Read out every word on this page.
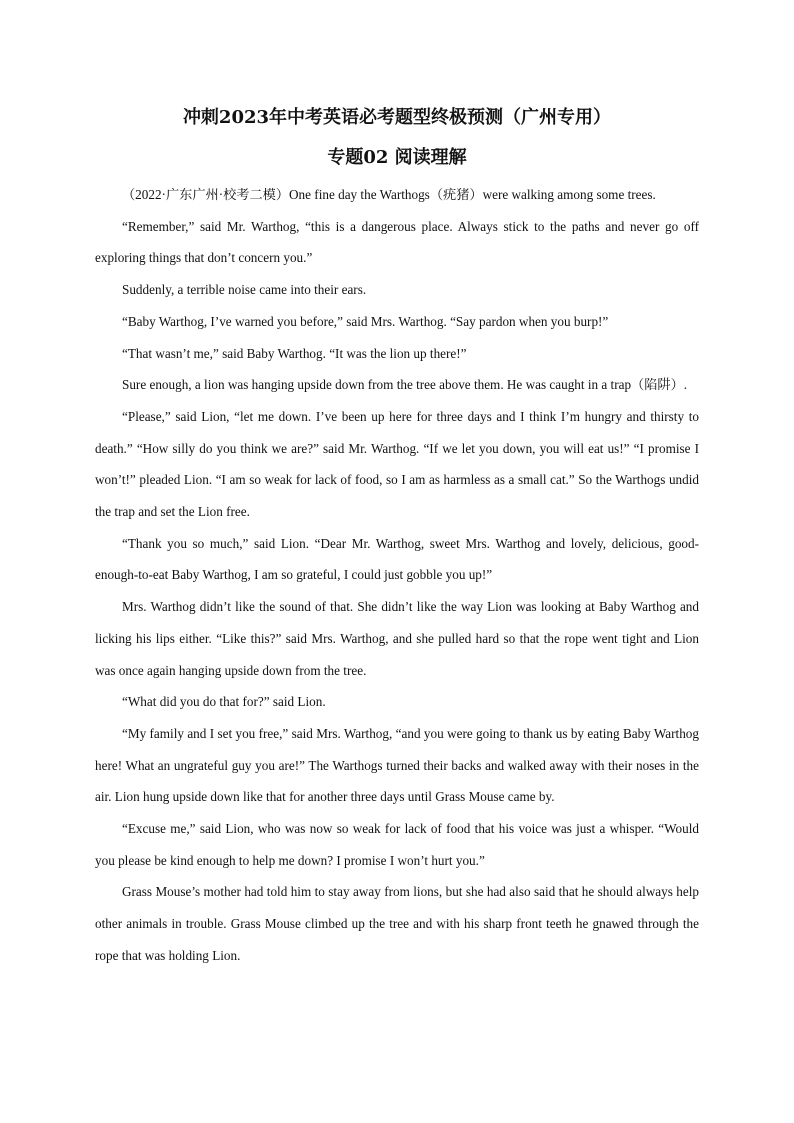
冲刺2023年中考英语必考题型终极预测（广州专用）
专题02 阅读理解

（2022·广东广州·校考二模）One fine day the Warthogs（疣猪）were walking among some trees.

“Remember,” said Mr. Warthog, “this is a dangerous place. Always stick to the paths and never go off exploring things that don’t concern you.”

Suddenly, a terrible noise came into their ears.

“Baby Warthog, I’ve warned you before,” said Mrs. Warthog. “Say pardon when you burp!”

“That wasn’t me,” said Baby Warthog. “It was the lion up there!”

Sure enough, a lion was hanging upside down from the tree above them. He was caught in a trap（陷阱）.

“Please,” said Lion, “let me down. I’ve been up here for three days and I think I’m hungry and thirsty to death.” “How silly do you think we are?” said Mr. Warthog. “If we let you down, you will eat us!” “I promise I won’t!” pleaded Lion. “I am so weak for lack of food, so I am as harmless as a small cat.” So the Warthogs undid the trap and set the Lion free.

“Thank you so much,” said Lion. “Dear Mr. Warthog, sweet Mrs. Warthog and lovely, delicious, good-enough-to-eat Baby Warthog, I am so grateful, I could just gobble you up!”

Mrs. Warthog didn’t like the sound of that. She didn’t like the way Lion was looking at Baby Warthog and licking his lips either. “Like this?” said Mrs. Warthog, and she pulled hard so that the rope went tight and Lion was once again hanging upside down from the tree.

“What did you do that for?” said Lion.

“My family and I set you free,” said Mrs. Warthog, “and you were going to thank us by eating Baby Warthog here! What an ungrateful guy you are!” The Warthogs turned their backs and walked away with their noses in the air. Lion hung upside down like that for another three days until Grass Mouse came by.

“Excuse me,” said Lion, who was now so weak for lack of food that his voice was just a whisper. “Would you please be kind enough to help me down? I promise I won’t hurt you.”

Grass Mouse’s mother had told him to stay away from lions, but she had also said that he should always help other animals in trouble. Grass Mouse climbed up the tree and with his sharp front teeth he gnawed through the rope that was holding Lion.
